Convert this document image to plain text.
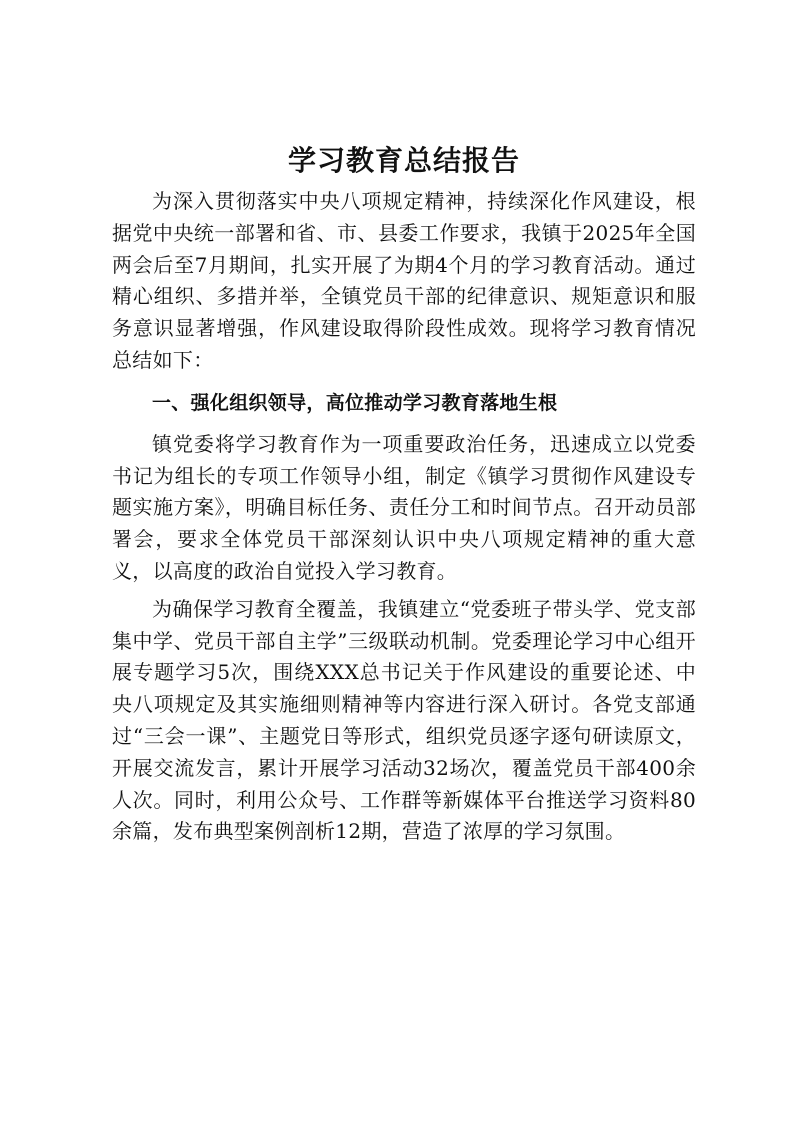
学习教育总结报告

为深入贯彻落实中央八项规定精神，持续深化作风建设，根据党中央统一部署和省、市、县委工作要求，我镇于2025年全国两会后至7月期间，扎实开展了为期4个月的学习教育活动。通过精心组织、多措并举，全镇党员干部的纪律意识、规矩意识和服务意识显著增强，作风建设取得阶段性成效。现将学习教育情况总结如下：

一、强化组织领导，高位推动学习教育落地生根

镇党委将学习教育作为一项重要政治任务，迅速成立以党委书记为组长的专项工作领导小组，制定《镇学习贯彻作风建设专题实施方案》，明确目标任务、责任分工和时间节点。召开动员部署会，要求全体党员干部深刻认识中央八项规定精神的重大意义，以高度的政治自觉投入学习教育。

为确保学习教育全覆盖，我镇建立“党委班子带头学、党支部集中学、党员干部自主学”三级联动机制。党委理论学习中心组开展专题学习5次，围绕XXX总书记关于作风建设的重要论述、中央八项规定及其实施细则精神等内容进行深入研讨。各党支部通过“三会一课”、主题党日等形式，组织党员逐字逐句研读原文，开展交流发言，累计开展学习活动32场次，覆盖党员干部400余人次。同时，利用公众号、工作群等新媒体平台推送学习资料80余篇，发布典型案例剖析12期，营造了浓厚的学习氛围。
